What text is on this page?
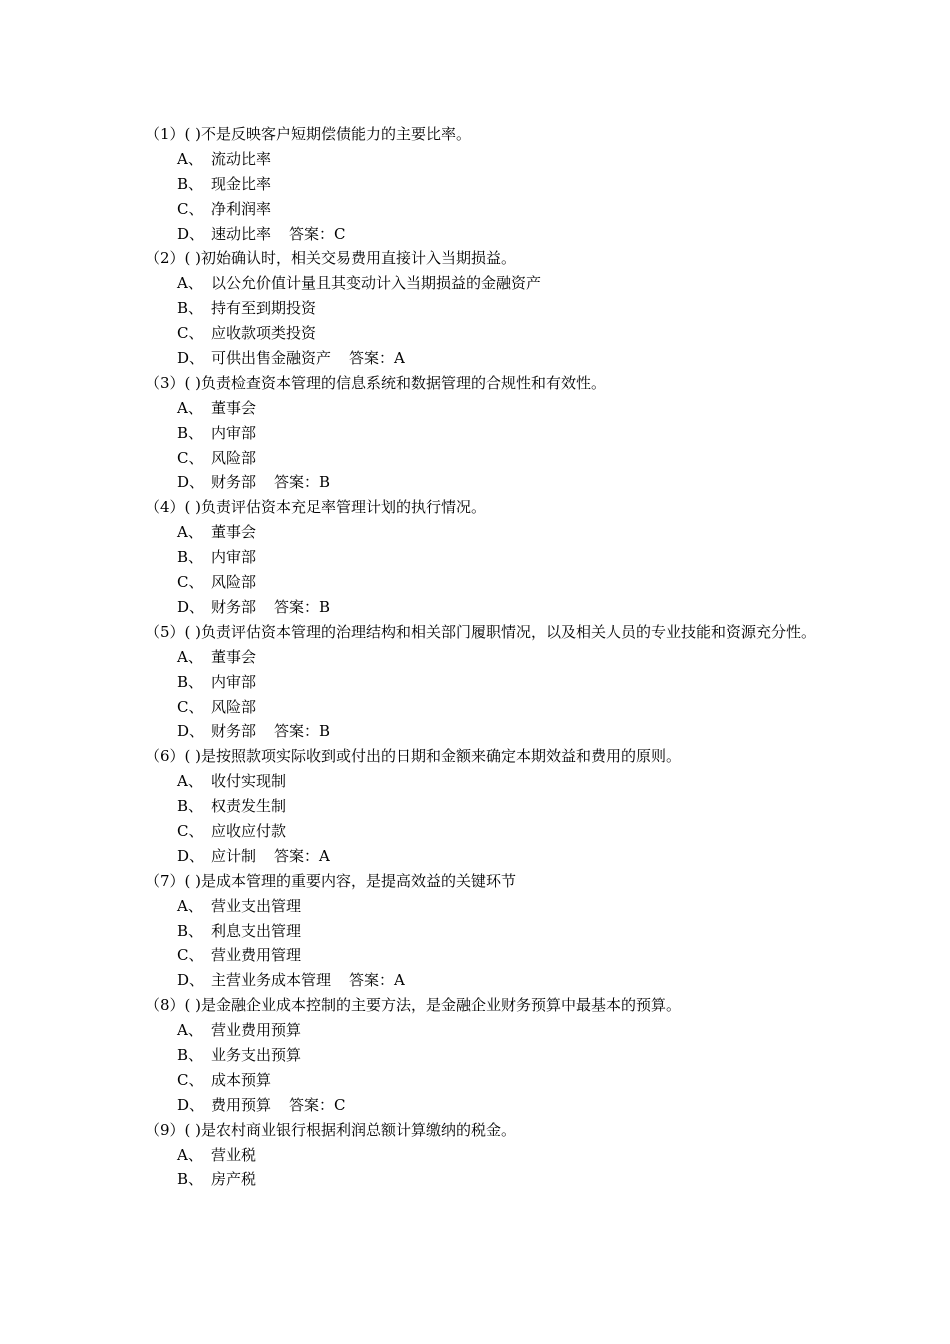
（1）( )不是反映客户短期偿债能力的主要比率。
A、 流动比率
B、 现金比率
C、 净利润率
D、 速动比率 答案：C
（2）( )初始确认时，相关交易费用直接计入当期损益。
A、 以公允价值计量且其变动计入当期损益的金融资产
B、 持有至到期投资
C、 应收款项类投资
D、 可供出售金融资产 答案：A
（3）( )负责检查资本管理的信息系统和数据管理的合规性和有效性。
A、 董事会
B、 内审部
C、 风险部
D、 财务部 答案：B
（4）( )负责评估资本充足率管理计划的执行情况。
A、 董事会
B、 内审部
C、 风险部
D、 财务部 答案：B
（5）( )负责评估资本管理的治理结构和相关部门履职情况，以及相关人员的专业技能和资源充分性。
A、 董事会
B、 内审部
C、 风险部
D、 财务部 答案：B
（6）( )是按照款项实际收到或付出的日期和金额来确定本期效益和费用的原则。
A、 收付实现制
B、 权责发生制
C、 应收应付款
D、 应计制 答案：A
（7）( )是成本管理的重要内容，是提高效益的关键环节
A、 营业支出管理
B、 利息支出管理
C、 营业费用管理
D、 主营业务成本管理 答案：A
（8）( )是金融企业成本控制的主要方法，是金融企业财务预算中最基本的预算。
A、 营业费用预算
B、 业务支出预算
C、 成本预算
D、 费用预算 答案：C
（9）( )是农村商业银行根据利润总额计算缴纳的税金。
A、 营业税
B、 房产税
